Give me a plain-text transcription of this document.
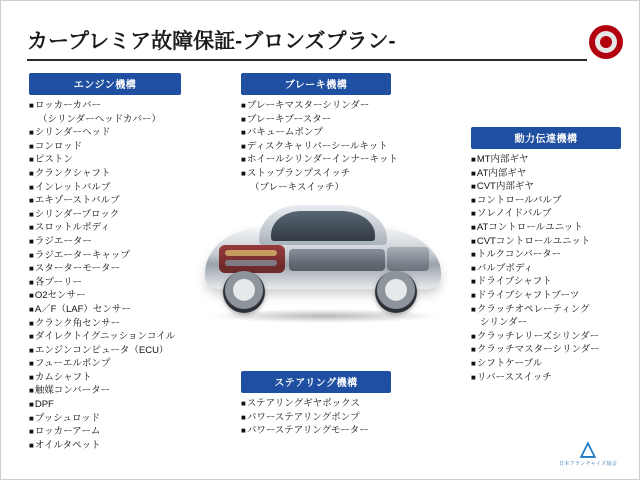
カープレミア故障保証-ブロンズプラン-
△
日本フランチャイズ協会
エンジン機構
■ロッカーカバー
（シリンダーヘッドカバー）
■シリンダーヘッド
■コンロッド
■ピストン
■クランクシャフト
■インレットバルブ
■エキゾーストバルブ
■シリンダーブロック
■スロットルボディ
■ラジエーター
■ラジエーターキャップ
■スターターモーター
■各プーリー
■O2センサー
■A／F（LAF）センサー
■クランク角センサー
■ダイレクトイグニッションコイル
■エンジンコンピュータ（ECU）
■フューエルポンプ
■カムシャフト
■触媒コンバーター
■DPF
■プッシュロッド
■ロッカーアーム
■オイルタペット
ブレーキ機構
■ブレーキマスターシリンダー
■ブレーキブースター
■バキュームポンプ
■ディスクキャリパーシールキット
■ホイールシリンダーインナーキット
■ストップランプスイッチ
（ブレーキスイッチ）
動力伝達機構
■MT内部ギヤ
■AT内部ギヤ
■CVT内部ギヤ
■コントロールバルブ
■ソレノイドバルブ
■ATコントロールユニット
■CVTコントロールユニット
■トルクコンバーター
■バルブボディ
■ドライブシャフト
■ドライブシャフトブーツ
■クラッチオペレーティング
シリンダー
■クラッチレリーズシリンダー
■クラッチマスターシリンダー
■シフトケーブル
■リバーススイッチ
ステアリング機構
■ステアリングギヤボックス
■パワーステアリングポンプ
■パワーステアリングモーター
